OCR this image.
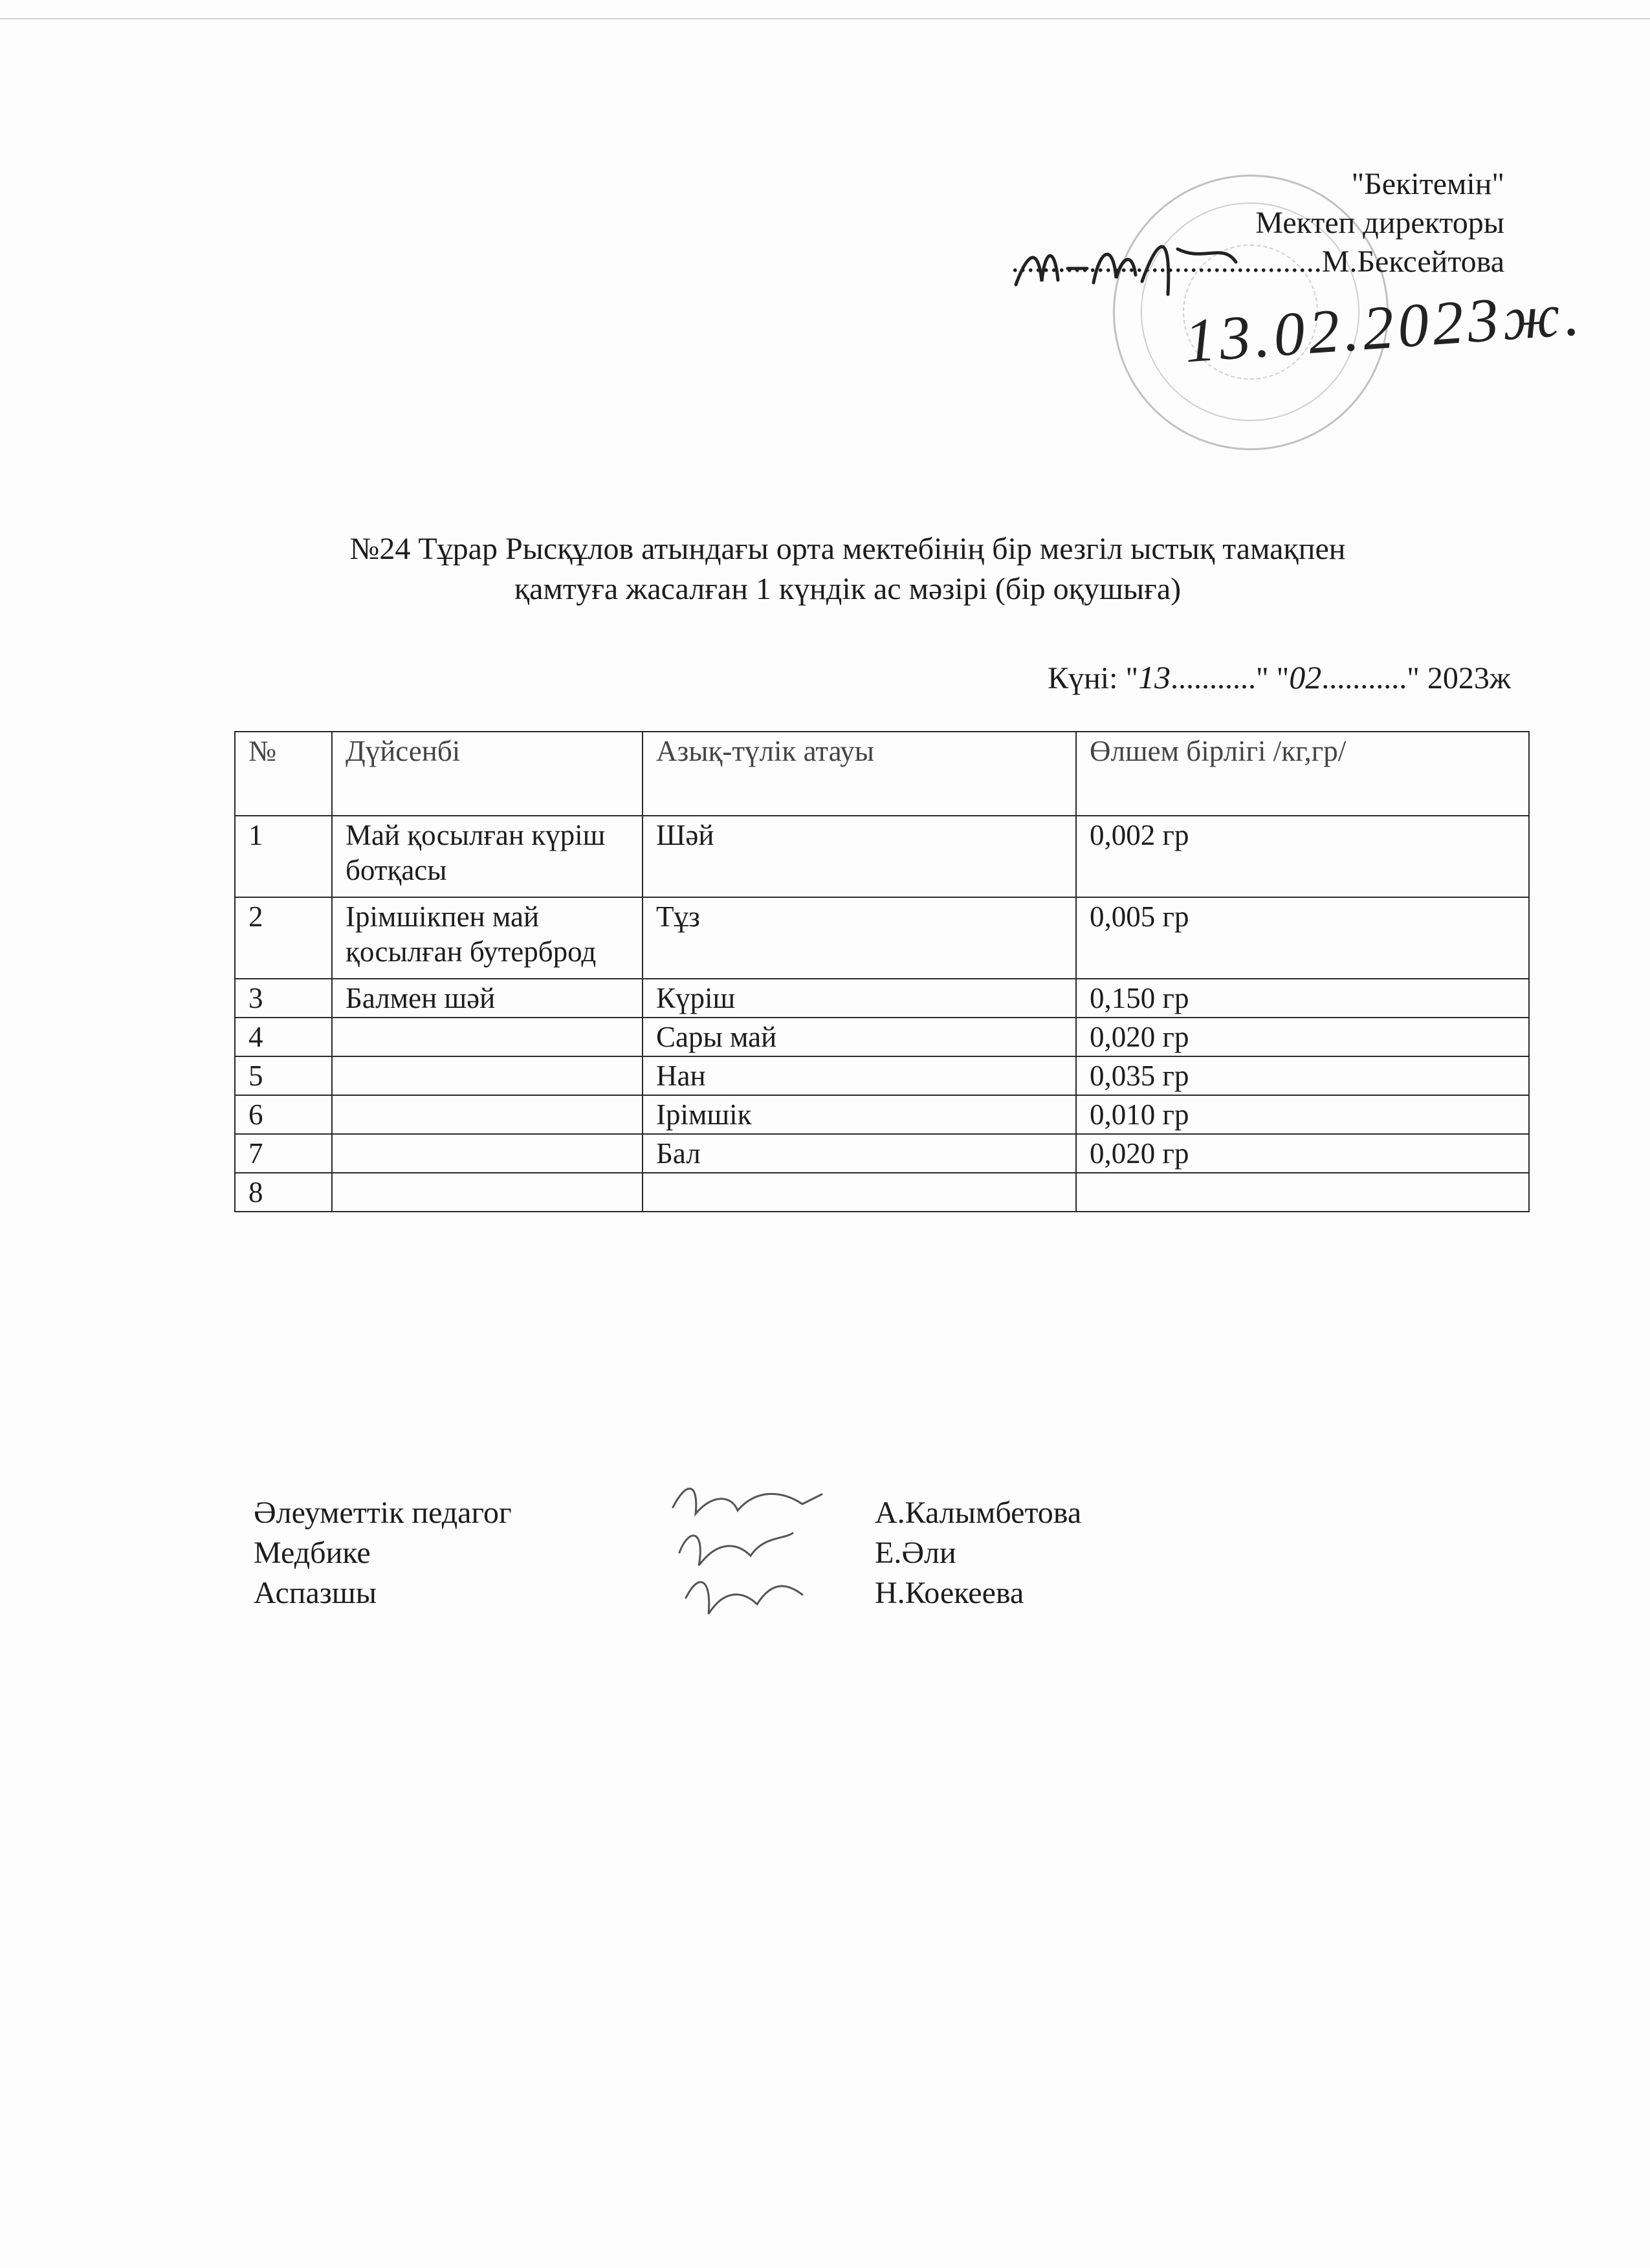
"Бекітемін"
Мектеп директоры
........................................М.Бексейтова
13.02.2023ж.
№24 Тұрар Рысқұлов атындағы орта мектебінің бір мезгіл ыстық тамақпен
қамтуға жасалған 1 күндік ас мәзірі (бір оқушыға)
Күні: "13..........." "02..........." 2023ж
№	Дүйсенбі	Азық-түлік атауы	Өлшем бірлігі /кг,гр/
1	Май қосылған күріш ботқасы	Шәй	0,002 гр
2	Ірімшікпен май қосылған бутерброд	Тұз	0,005 гр
3	Балмен шәй	Күріш	0,150 гр
4		Сары май	0,020 гр
5		Нан	0,035 гр
6		Ірімшік	0,010 гр
7		Бал	0,020 гр
8			
Әлеуметтік педагог
Медбике
Аспазшы
А.Калымбетова
Е.Әли
Н.Коекеева
